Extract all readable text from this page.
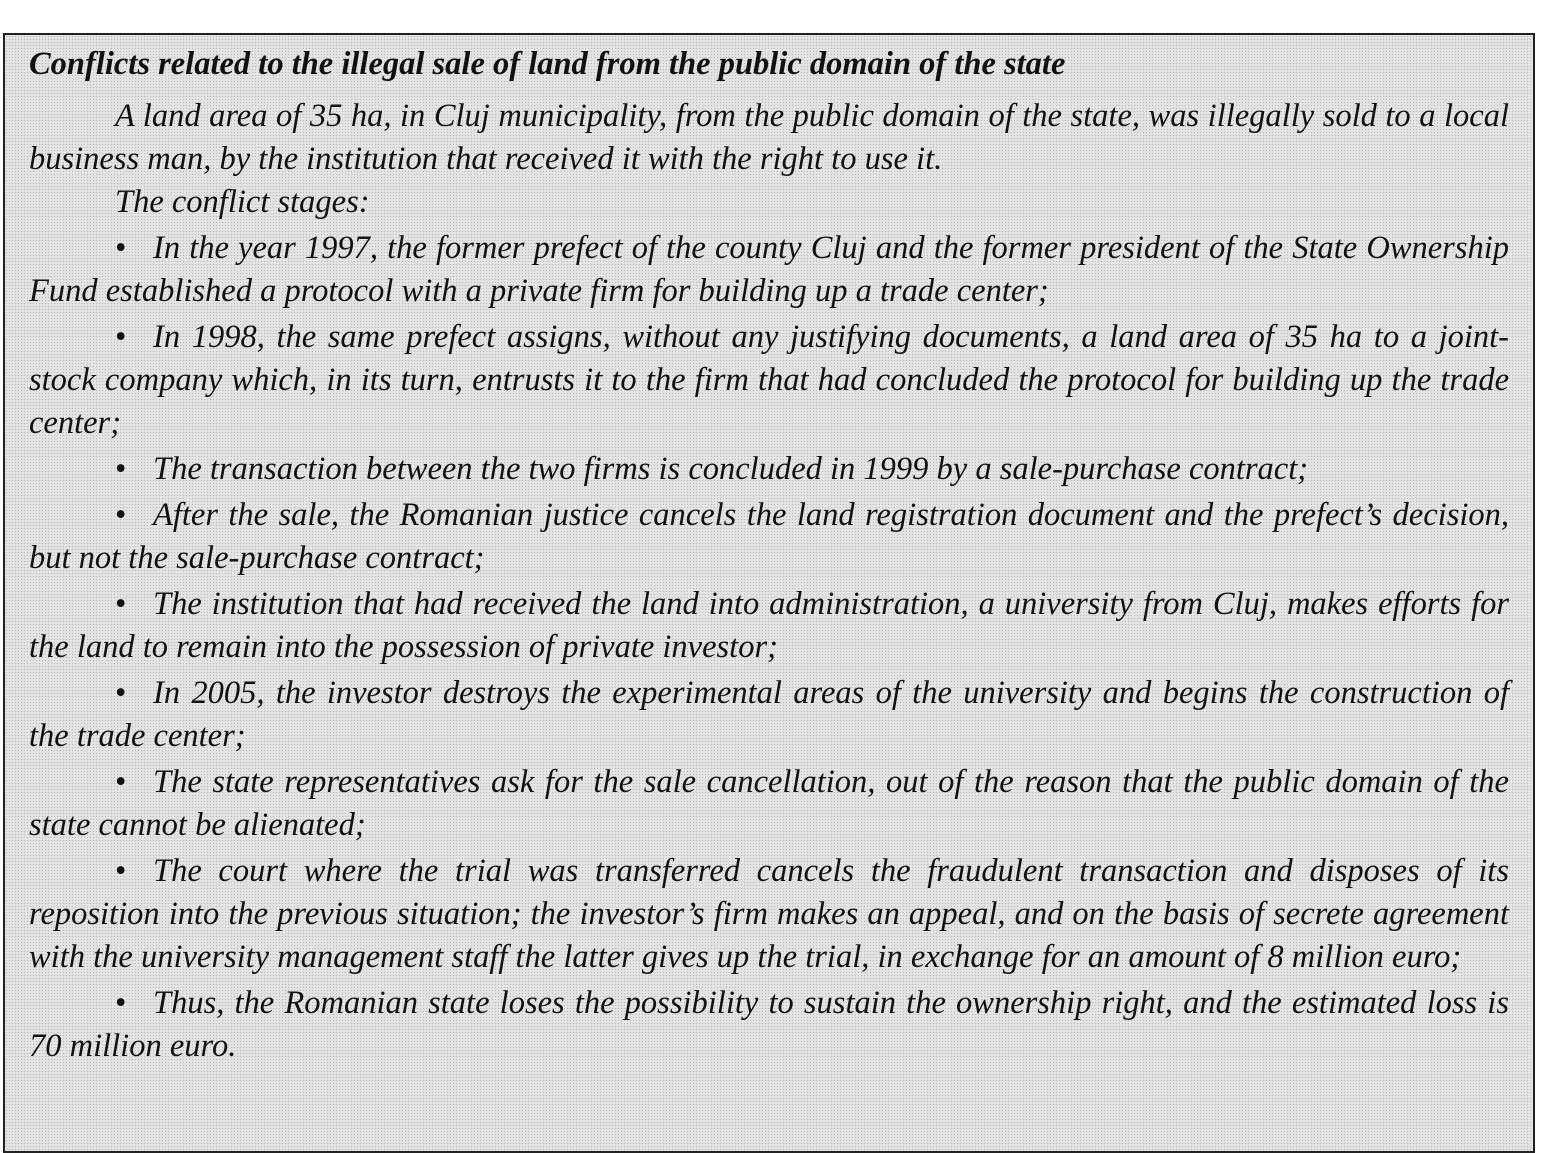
Conflicts related to the illegal sale of land from the public domain of the state

A land area of 35 ha, in Cluj municipality, from the public domain of the state, was illegally sold to a local business man, by the institution that received it with the right to use it.

The conflict stages:

• In the year 1997, the former prefect of the county Cluj and the former president of the State Ownership Fund established a protocol with a private firm for building up a trade center;

• In 1998, the same prefect assigns, without any justifying documents, a land area of 35 ha to a joint-stock company which, in its turn, entrusts it to the firm that had concluded the protocol for building up the trade center;

• The transaction between the two firms is concluded in 1999 by a sale-purchase contract;

• After the sale, the Romanian justice cancels the land registration document and the prefect’s decision, but not the sale-purchase contract;

• The institution that had received the land into administration, a university from Cluj, makes efforts for the land to remain into the possession of private investor;

• In 2005, the investor destroys the experimental areas of the university and begins the construction of the trade center;

• The state representatives ask for the sale cancellation, out of the reason that the public domain of the state cannot be alienated;

• The court where the trial was transferred cancels the fraudulent transaction and disposes of its reposition into the previous situation; the investor’s firm makes an appeal, and on the basis of secrete agreement with the university management staff the latter gives up the trial, in exchange for an amount of 8 million euro;

• Thus, the Romanian state loses the possibility to sustain the ownership right, and the estimated loss is 70 million euro.
